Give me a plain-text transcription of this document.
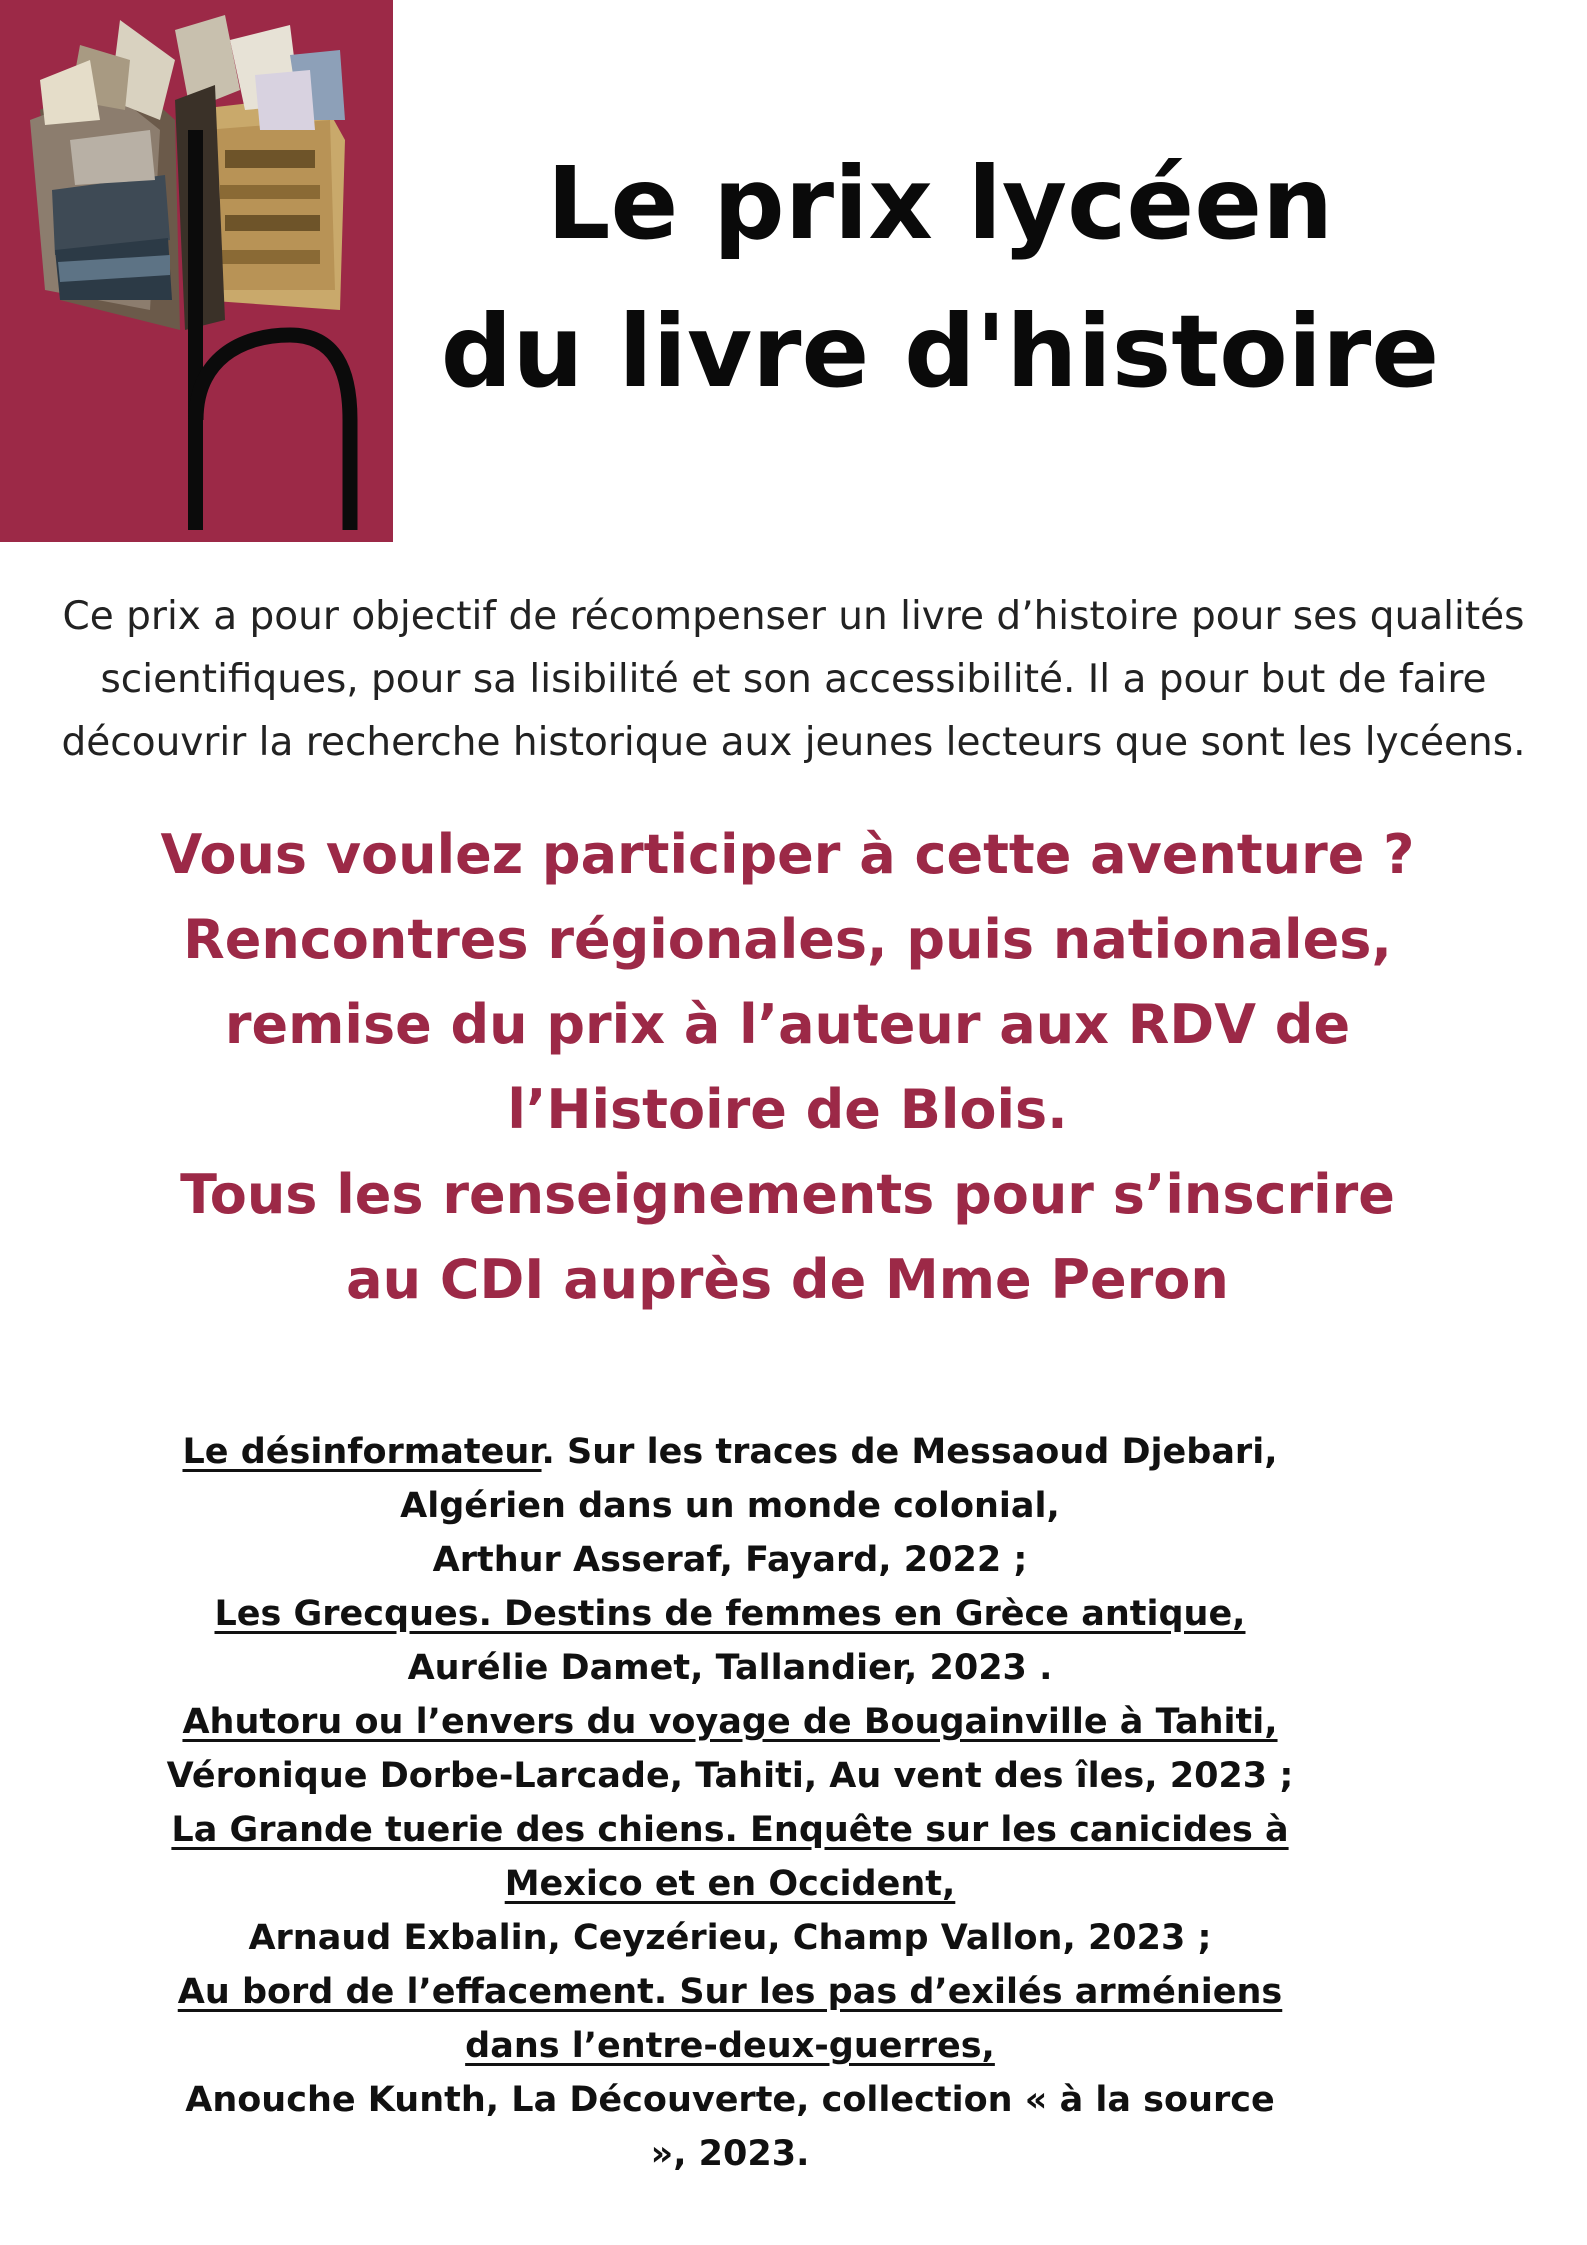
Le prix lycéen
du livre d'histoire
Ce prix a pour objectif de récompenser un livre d’histoire pour ses qualités
scientifiques, pour sa lisibilité et son accessibilité. Il a pour but de faire
découvrir la recherche historique aux jeunes lecteurs que sont les lycéens.
Vous voulez participer à cette aventure ?
Rencontres régionales, puis nationales,
remise du prix à l’auteur aux RDV de
l’Histoire de Blois.
Tous les renseignements pour s’inscrire
au CDI auprès de Mme Peron
Le désinformateur. Sur les traces de Messaoud Djebari,
Algérien dans un monde colonial,
Arthur Asseraf, Fayard, 2022 ;
Les Grecques. Destins de femmes en Grèce antique,
Aurélie Damet, Tallandier, 2023 .
Ahutoru ou l’envers du voyage de Bougainville à Tahiti,
Véronique Dorbe-Larcade, Tahiti, Au vent des îles, 2023 ;
La Grande tuerie des chiens. Enquête sur les canicides à
Mexico et en Occident,
Arnaud Exbalin, Ceyzérieu, Champ Vallon, 2023 ;
Au bord de l’effacement. Sur les pas d’exilés arméniens
dans l’entre-deux-guerres,
Anouche Kunth, La Découverte, collection « à la source
», 2023.
